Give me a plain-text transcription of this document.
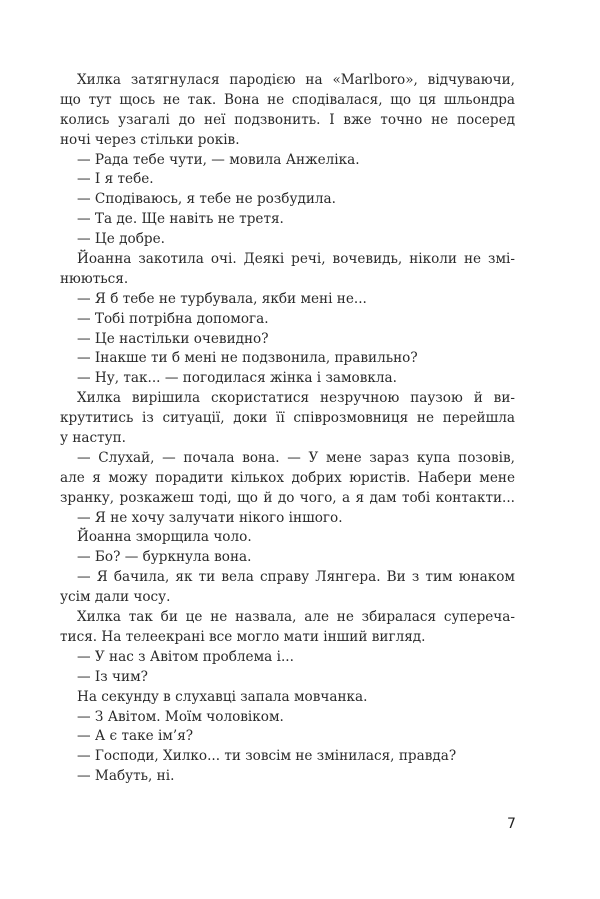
Хилка затягнулася пародією на «Marlboro», відчуваючи,
що тут щось не так. Вона не сподівалася, що ця шльондра
колись узагалі до неї подзвонить. І вже точно не посеред
ночі через стільки років.
— Рада тебе чути, — мовила Анжеліка.
— І я тебе.
— Сподіваюсь, я тебе не розбудила.
— Та де. Ще навіть не третя.
— Це добре.
Йоанна закотила очі. Деякі речі, вочевидь, ніколи не змі-
нюються.
— Я б тебе не турбувала, якби мені не...
— Тобі потрібна допомога.
— Це настільки очевидно?
— Інакше ти б мені не подзвонила, правильно?
— Ну, так... — погодилася жінка і замовкла.
Хилка вирішила скористатися незручною паузою й ви-
крутитись із ситуації, доки її співрозмовниця не перейшла
у наступ.
— Слухай, — почала вона. — У мене зараз купа позовів,
але я можу порадити кількох добрих юристів. Набери мене
зранку, розкажеш тоді, що й до чого, а я дам тобі контакти...
— Я не хочу залучати нікого іншого.
Йоанна зморщила чоло.
— Бо? — буркнула вона.
— Я бачила, як ти вела справу Лянгера. Ви з тим юнаком
усім дали чосу.
Хилка так би це не назвала, але не збиралася супереча-
тися. На телеекрані все могло мати інший вигляд.
— У нас з Авітом проблема і...
— Із чим?
На секунду в слухавці запала мовчанка.
— З Авітом. Моїм чоловіком.
— А є таке ім’я?
— Господи, Хилко... ти зовсім не змінилася, правда?
— Мабуть, ні.
7
